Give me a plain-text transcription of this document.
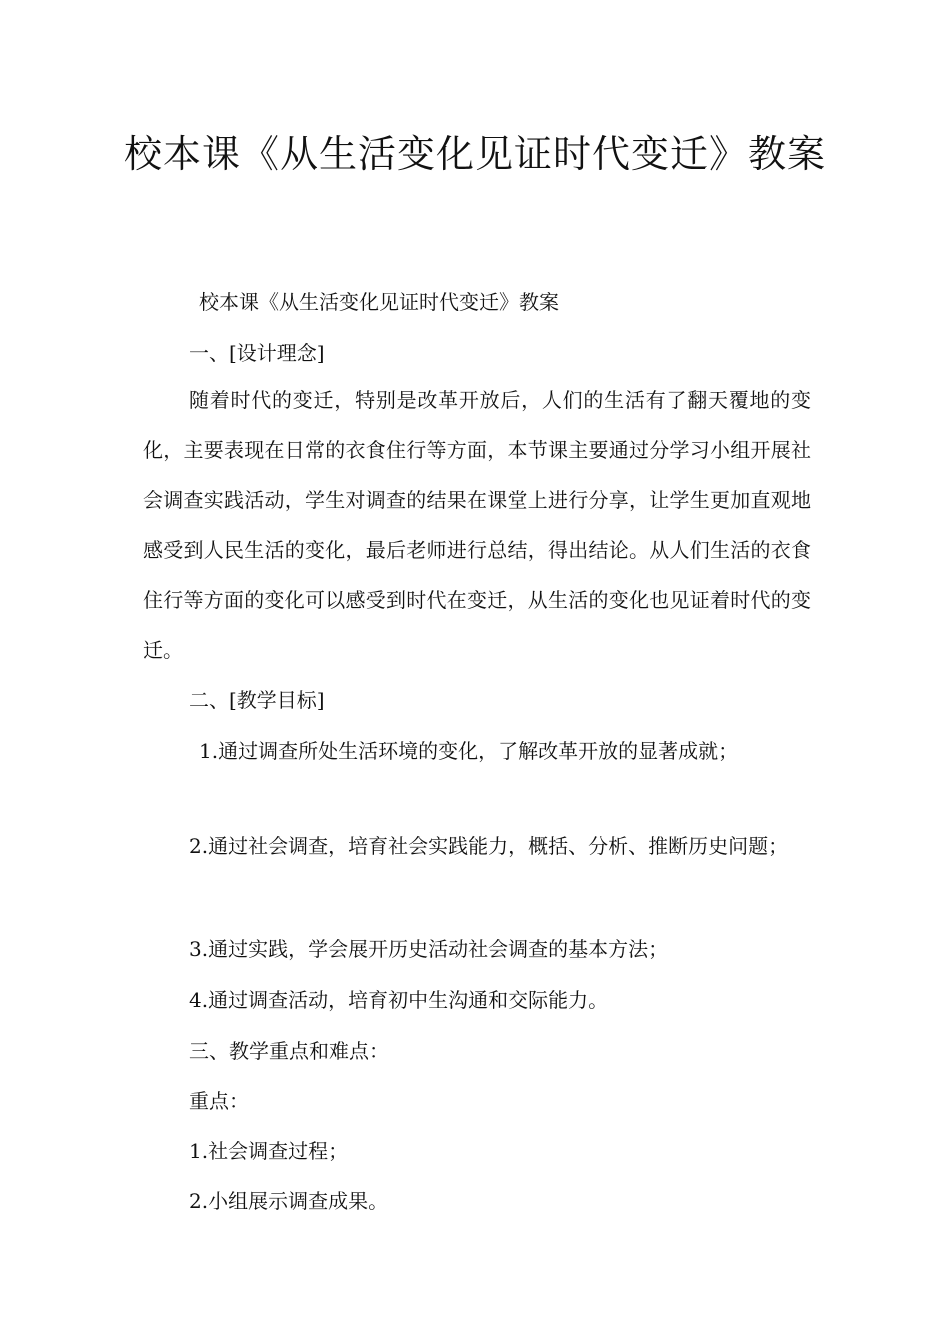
校本课《从生活变化见证时代变迁》教案
校本课《从生活变化见证时代变迁》教案
一、[设计理念]
随着时代的变迁，特别是改革开放后，人们的生活有了翻天覆地的变化，主要表现在日常的衣食住行等方面，本节课主要通过分学习小组开展社会调查实践活动，学生对调查的结果在课堂上进行分享，让学生更加直观地感受到人民生活的变化，最后老师进行总结，得出结论。从人们生活的衣食住行等方面的变化可以感受到时代在变迁，从生活的变化也见证着时代的变迁。
二、[教学目标]
1.通过调查所处生活环境的变化，了解改革开放的显著成就；
2.通过社会调查，培育社会实践能力，概括、分析、推断历史问题；
3.通过实践，学会展开历史活动社会调查的基本方法；
4.通过调查活动，培育初中生沟通和交际能力。
三、教学重点和难点：
重点：
1.社会调查过程；
2.小组展示调查成果。
